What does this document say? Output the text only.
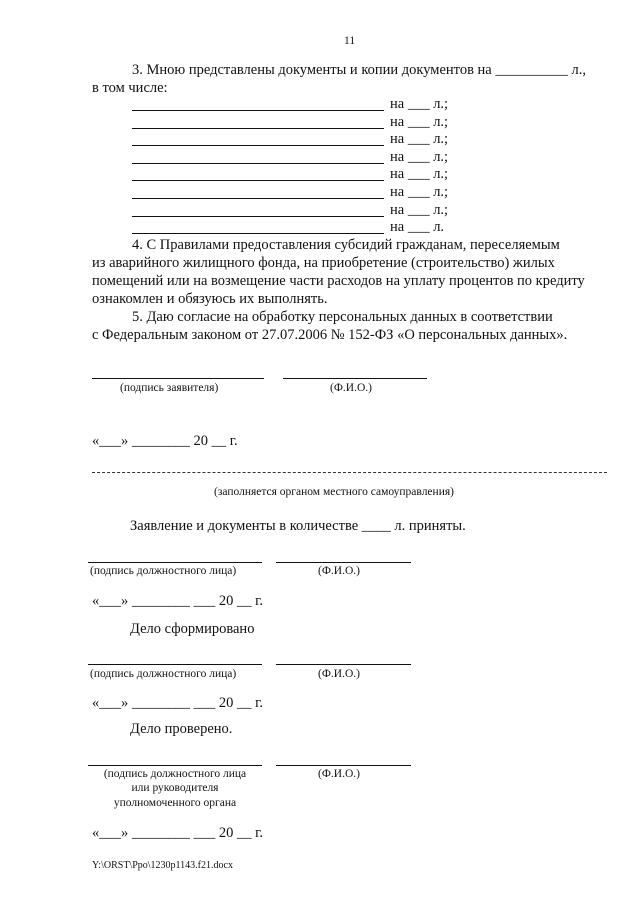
11
3. Мною представлены документы и копии документов на __________ л.,
в том числе:
на ___ л.;
на ___ л.;
на ___ л.;
на ___ л.;
на ___ л.;
на ___ л.;
на ___ л.;
на ___ л.
4. С Правилами предоставления субсидий гражданам, переселяемым
из аварийного жилищного фонда, на приобретение (строительство) жилых
помещений или на возмещение части расходов на уплату процентов по кредиту
ознакомлен и обязуюсь их выполнять.
5. Даю согласие на обработку персональных данных в соответствии
с Федеральным законом от 27.07.2006 № 152-ФЗ «О персональных данных».
(подпись заявителя)	(Ф.И.О.)
«___» ________ 20 __ г.
(заполняется органом местного самоуправления)
Заявление и документы в количестве ____ л. приняты.
(подпись должностного лица)	(Ф.И.О.)
«___» ________ ___ 20 __ г.
Дело сформировано
(подпись должностного лица)	(Ф.И.О.)
«___» ________ ___ 20 __ г.
Дело проверено.
(подпись должностного лица
или руководителя
уполномоченного органа
(Ф.И.О.)
«___» ________ ___ 20 __ г.
Y:\ORST\Ppo\1230p1143.f21.docx
